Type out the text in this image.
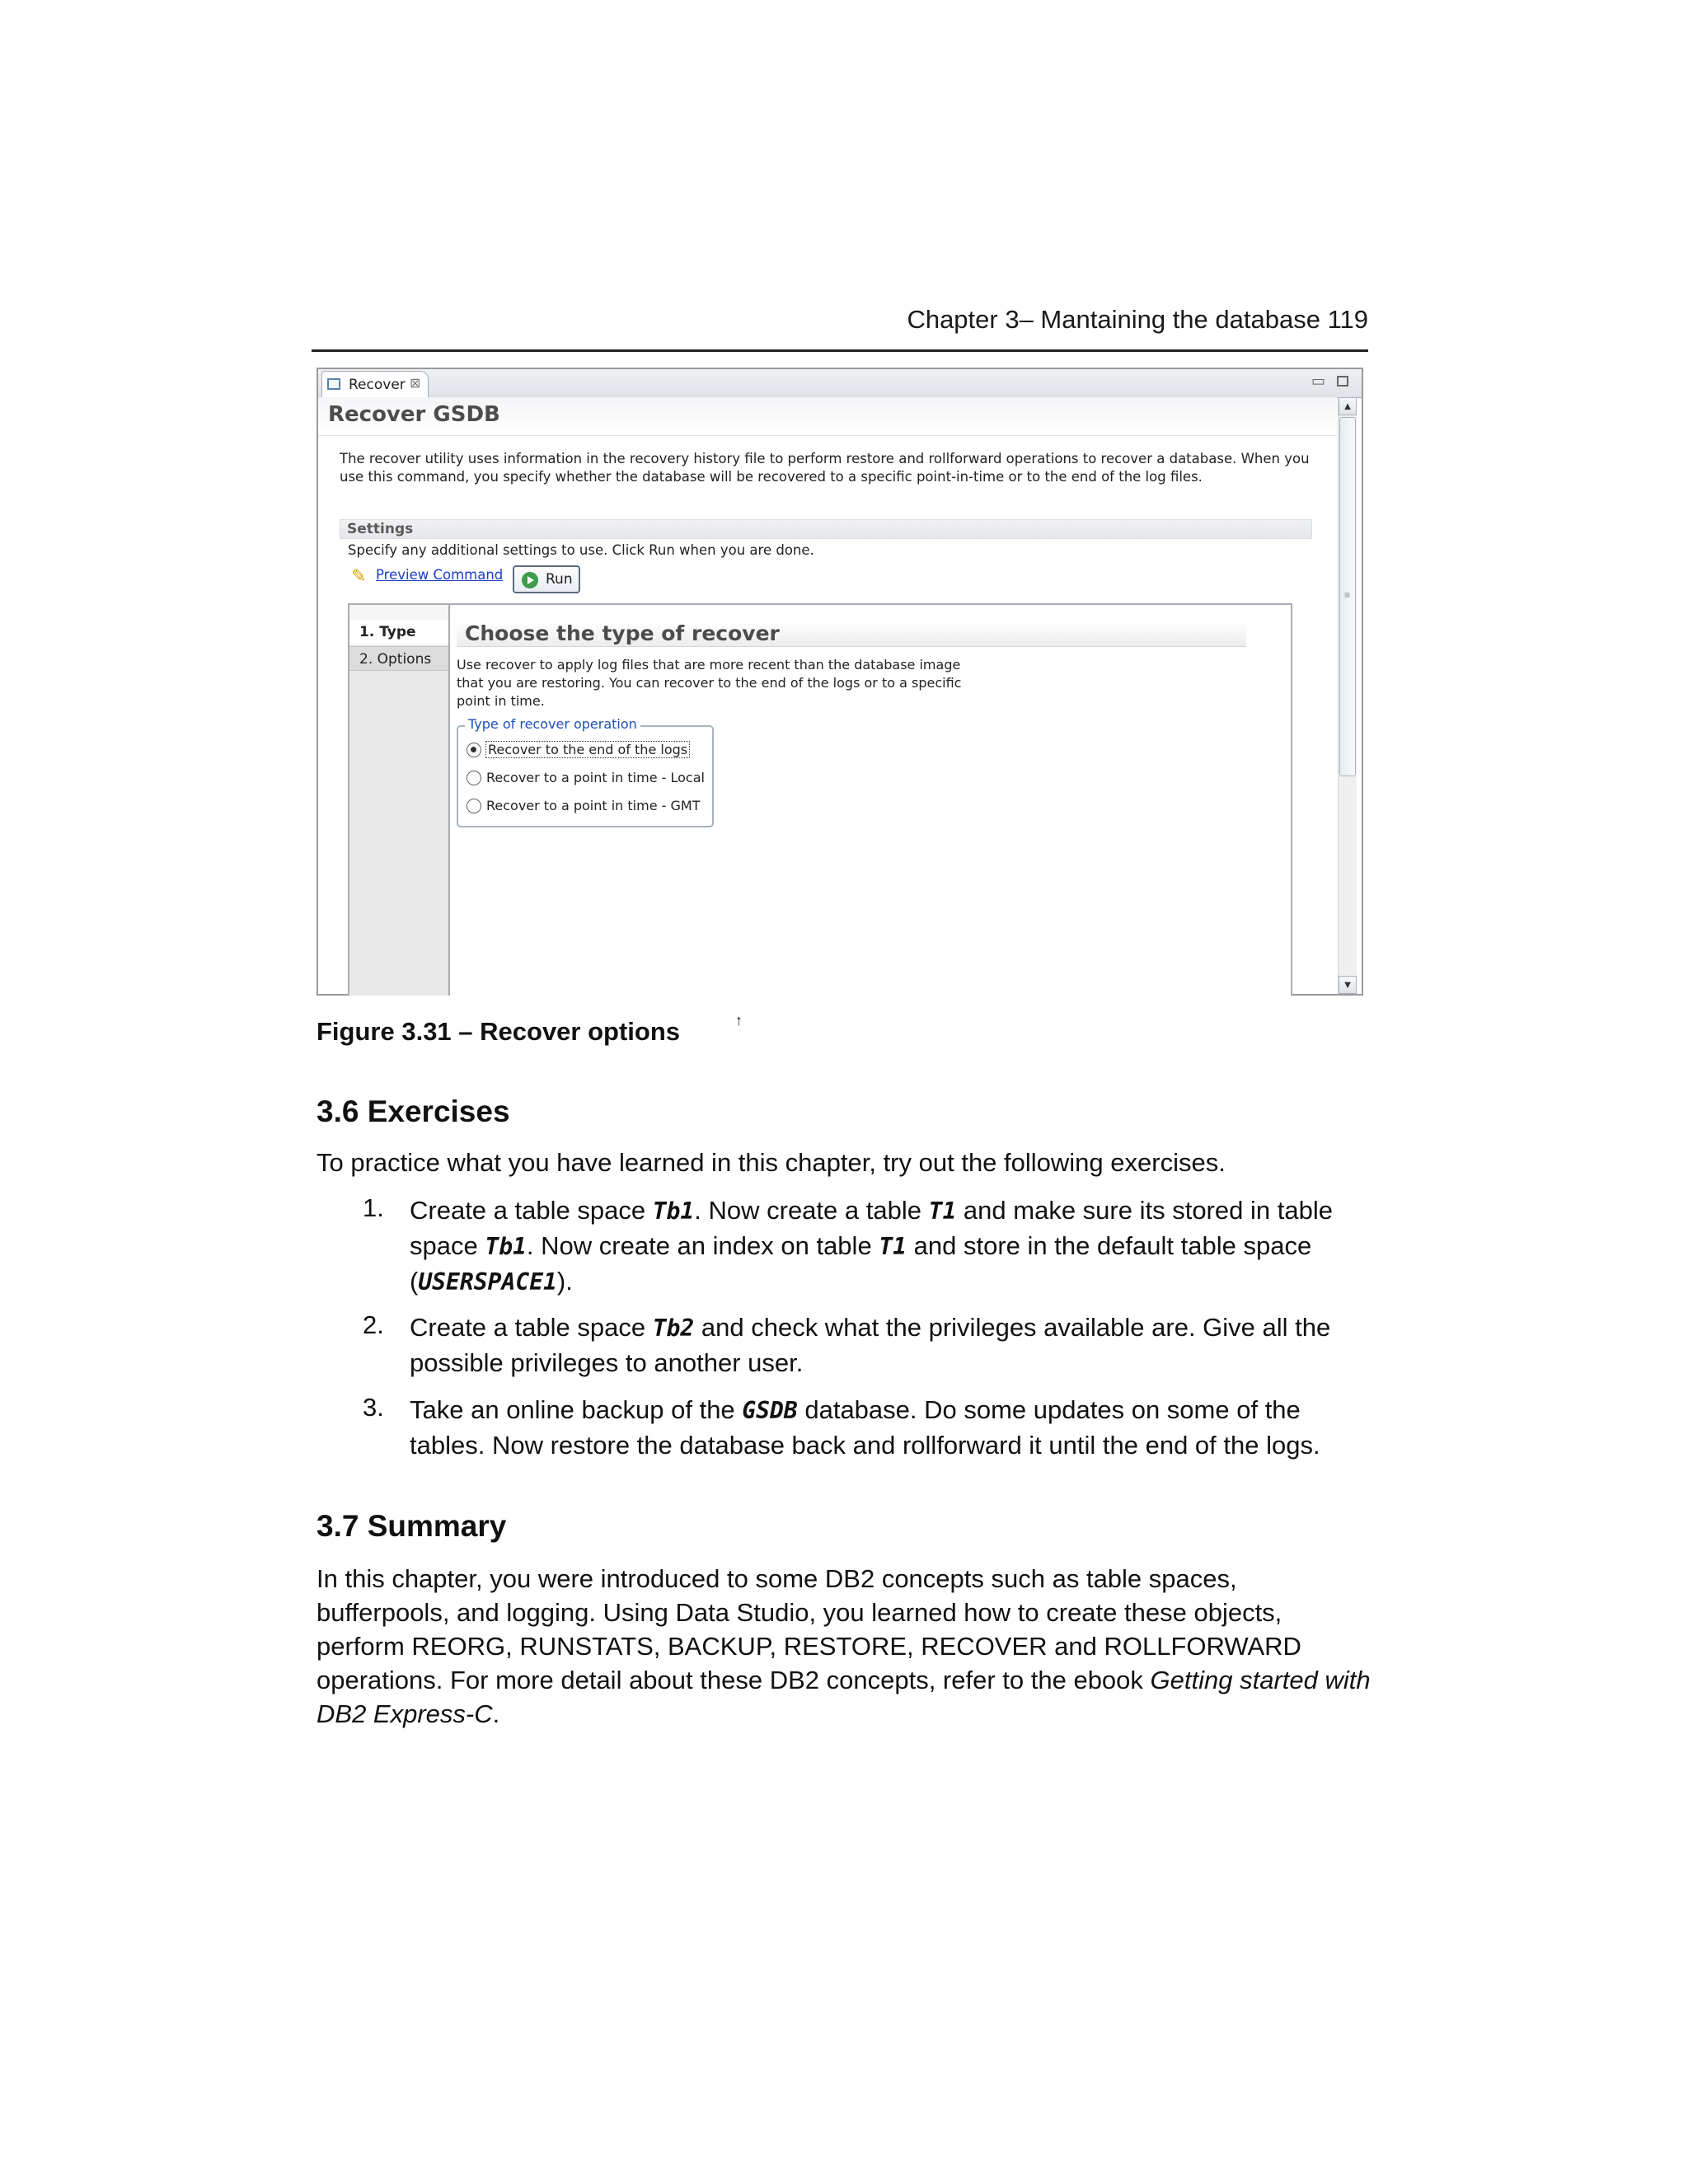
Chapter 3– Mantaining the database 119
Recover ⊠	▭
Recover GSDB
The recover utility uses information in the recovery history file to perform restore and rollforward operations to recover a database. When you use this command, you specify whether the database will be recovered to a specific point-in-time or to the end of the log files.
Settings
Specify any additional settings to use. Click Run when you are done.
✎ Preview Command	Run
1. Type
2. Options
Choose the type of recover
Use recover to apply log files that are more recent than the database image that you are restoring. You can recover to the end of the logs or to a specific point in time.
Type of recover operation
Recover to the end of the logs
Recover to a point in time - Local
Recover to a point in time - GMT
↑
▲
≡
▼
Figure 3.31 – Recover options
3.6 Exercises
To practice what you have learned in this chapter, try out the following exercises.
1. Create a table space Tb1. Now create a table T1 and make sure its stored in table space Tb1. Now create an index on table T1 and store in the default table space (USERSPACE1).
2. Create a table space Tb2 and check what the privileges available are. Give all the possible privileges to another user.
3. Take an online backup of the GSDB database. Do some updates on some of the tables. Now restore the database back and rollforward it until the end of the logs.
3.7 Summary
In this chapter, you were introduced to some DB2 concepts such as table spaces, bufferpools, and logging. Using Data Studio, you learned how to create these objects, perform REORG, RUNSTATS, BACKUP, RESTORE, RECOVER and ROLLFORWARD operations. For more detail about these DB2 concepts, refer to the ebook Getting started with DB2 Express-C.
